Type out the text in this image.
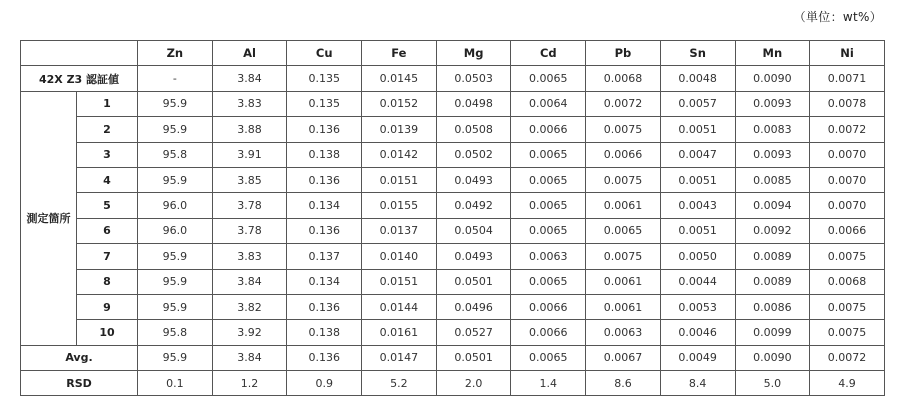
（単位：wt%）
		Zn	Al	Cu	Fe	Mg	Cd	Pb	Sn	Mn	Ni
42X Z3 認証値		-	3.84	0.135	0.0145	0.0503	0.0065	0.0068	0.0048	0.0090	0.0071
測定箇所	1	95.9	3.83	0.135	0.0152	0.0498	0.0064	0.0072	0.0057	0.0093	0.0078
	2	95.9	3.88	0.136	0.0139	0.0508	0.0066	0.0075	0.0051	0.0083	0.0072
	3	95.8	3.91	0.138	0.0142	0.0502	0.0065	0.0066	0.0047	0.0093	0.0070
	4	95.9	3.85	0.136	0.0151	0.0493	0.0065	0.0075	0.0051	0.0085	0.0070
	5	96.0	3.78	0.134	0.0155	0.0492	0.0065	0.0061	0.0043	0.0094	0.0070
	6	96.0	3.78	0.136	0.0137	0.0504	0.0065	0.0065	0.0051	0.0092	0.0066
	7	95.9	3.83	0.137	0.0140	0.0493	0.0063	0.0075	0.0050	0.0089	0.0075
	8	95.9	3.84	0.134	0.0151	0.0501	0.0065	0.0061	0.0044	0.0089	0.0068
	9	95.9	3.82	0.136	0.0144	0.0496	0.0066	0.0061	0.0053	0.0086	0.0075
	10	95.8	3.92	0.138	0.0161	0.0527	0.0066	0.0063	0.0046	0.0099	0.0075
Avg.		95.9	3.84	0.136	0.0147	0.0501	0.0065	0.0067	0.0049	0.0090	0.0072
RSD		0.1	1.2	0.9	5.2	2.0	1.4	8.6	8.4	5.0	4.9
